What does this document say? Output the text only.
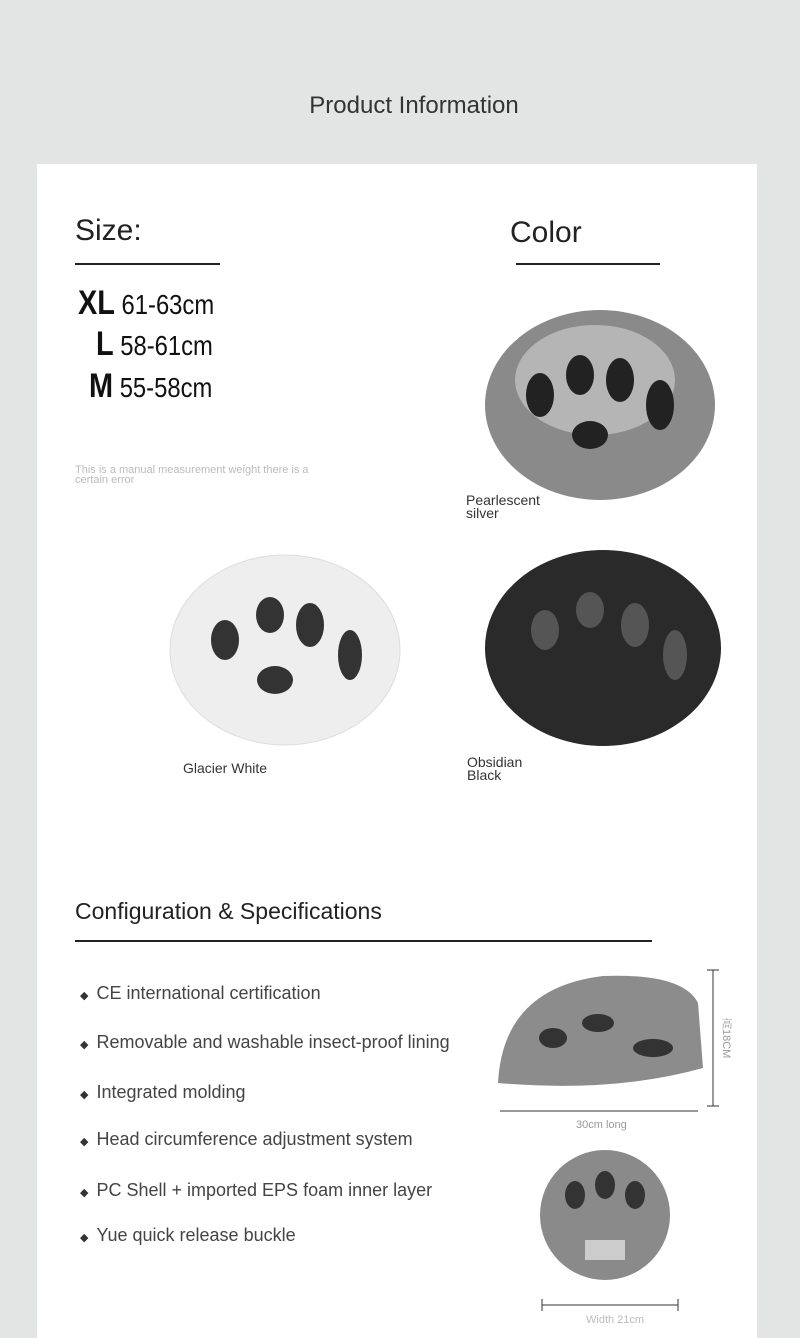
Product Information
Size:
XL 61-63cm
L 58-61cm
M 55-58cm
This is a manual measurement weight there is a certain error
Color
Pearlescent silver
Glacier White	Obsidian Black
Configuration & Specifications
◆ CE international certification
◆ Removable and washable insect-proof lining
◆ Integrated molding
◆ Head circumference adjustment system
◆ PC Shell + imported EPS foam inner layer
◆ Yue quick release buckle
30cm long
高18CM
Width 21cm
